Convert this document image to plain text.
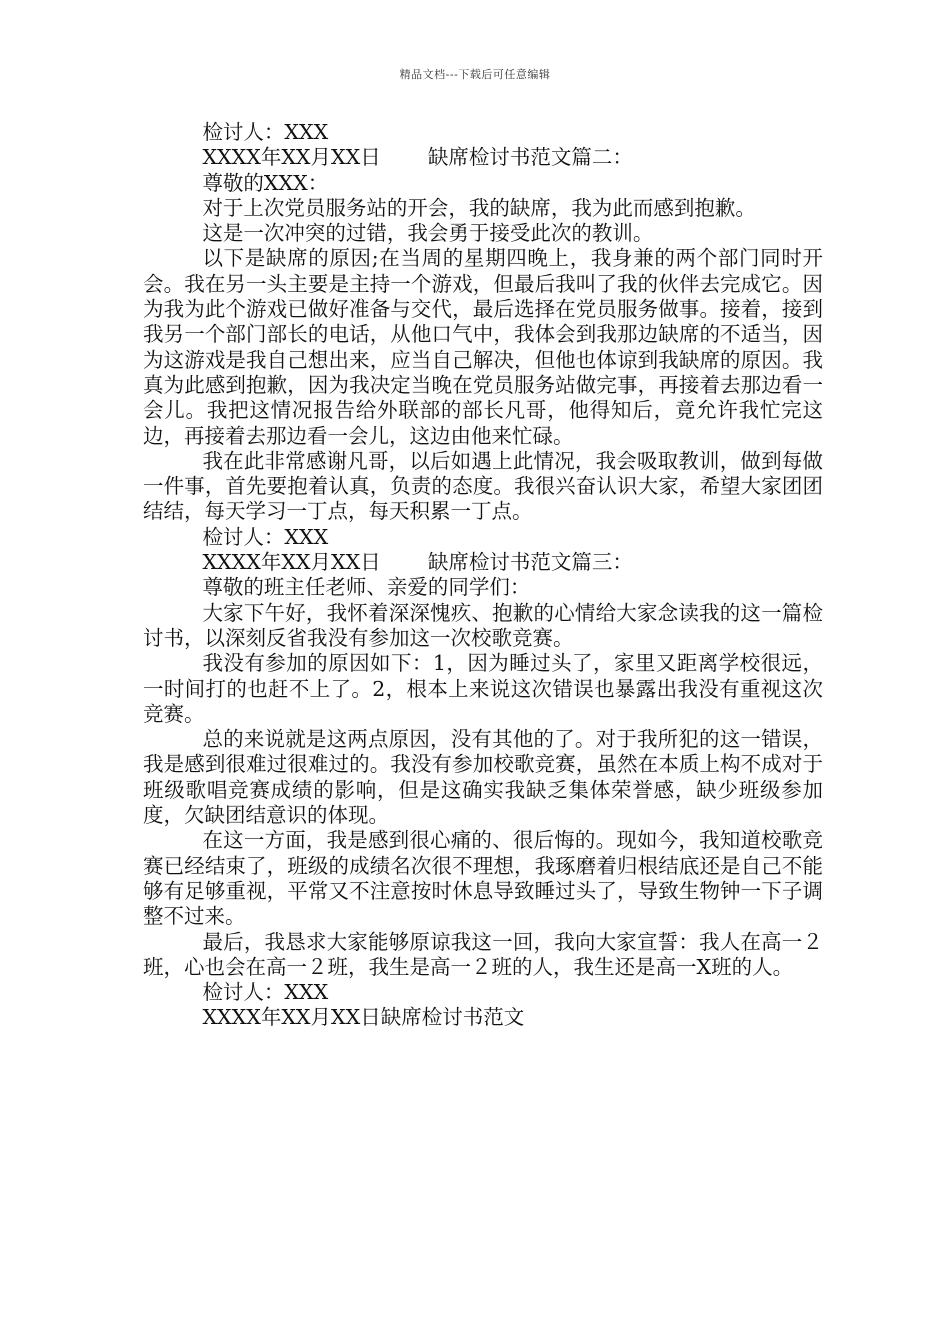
精品文档---下载后可任意编辑

检讨人：XXX

XXXX年XX月XX日 缺席检讨书范文篇二：

尊敬的XXX：

对于上次党员服务站的开会，我的缺席，我为此而感到抱歉。

这是一次冲突的过错，我会勇于接受此次的教训。

以下是缺席的原因;在当周的星期四晚上，我身兼的两个部门同时开会。我在另一头主要是主持一个游戏，但最后我叫了我的伙伴去完成它。因为我为此个游戏已做好准备与交代，最后选择在党员服务做事。接着，接到我另一个部门部长的电话，从他口气中，我体会到我那边缺席的不适当，因为这游戏是我自己想出来，应当自己解决，但他也体谅到我缺席的原因。我真为此感到抱歉，因为我决定当晚在党员服务站做完事，再接着去那边看一会儿。我把这情况报告给外联部的部长凡哥，他得知后，竟允许我忙完这边，再接着去那边看一会儿，这边由他来忙碌。

我在此非常感谢凡哥，以后如遇上此情况，我会吸取教训，做到每做一件事，首先要抱着认真，负责的态度。我很兴奋认识大家，希望大家团团结结，每天学习一丁点，每天积累一丁点。

检讨人：XXX

XXXX年XX月XX日 缺席检讨书范文篇三：

尊敬的班主任老师、亲爱的同学们：

大家下午好，我怀着深深愧疚、抱歉的心情给大家念读我的这一篇检讨书，以深刻反省我没有参加这一次校歌竞赛。

我没有参加的原因如下：1，因为睡过头了，家里又距离学校很远，一时间打的也赶不上了。2，根本上来说这次错误也暴露出我没有重视这次竞赛。

总的来说就是这两点原因，没有其他的了。对于我所犯的这一错误，我是感到很难过很难过的。我没有参加校歌竞赛，虽然在本质上构不成对于班级歌唱竞赛成绩的影响，但是这确实我缺乏集体荣誉感，缺少班级参加度，欠缺团结意识的体现。

在这一方面，我是感到很心痛的、很后悔的。现如今，我知道校歌竞赛已经结束了，班级的成绩名次很不理想，我琢磨着归根结底还是自己不能够有足够重视，平常又不注意按时休息导致睡过头了，导致生物钟一下子调整不过来。

最后，我恳求大家能够原谅我这一回，我向大家宣誓：我人在高一２班，心也会在高一２班，我生是高一２班的人，我生还是高一X班的人。

检讨人：XXX

XXXX年XX月XX日缺席检讨书范文
